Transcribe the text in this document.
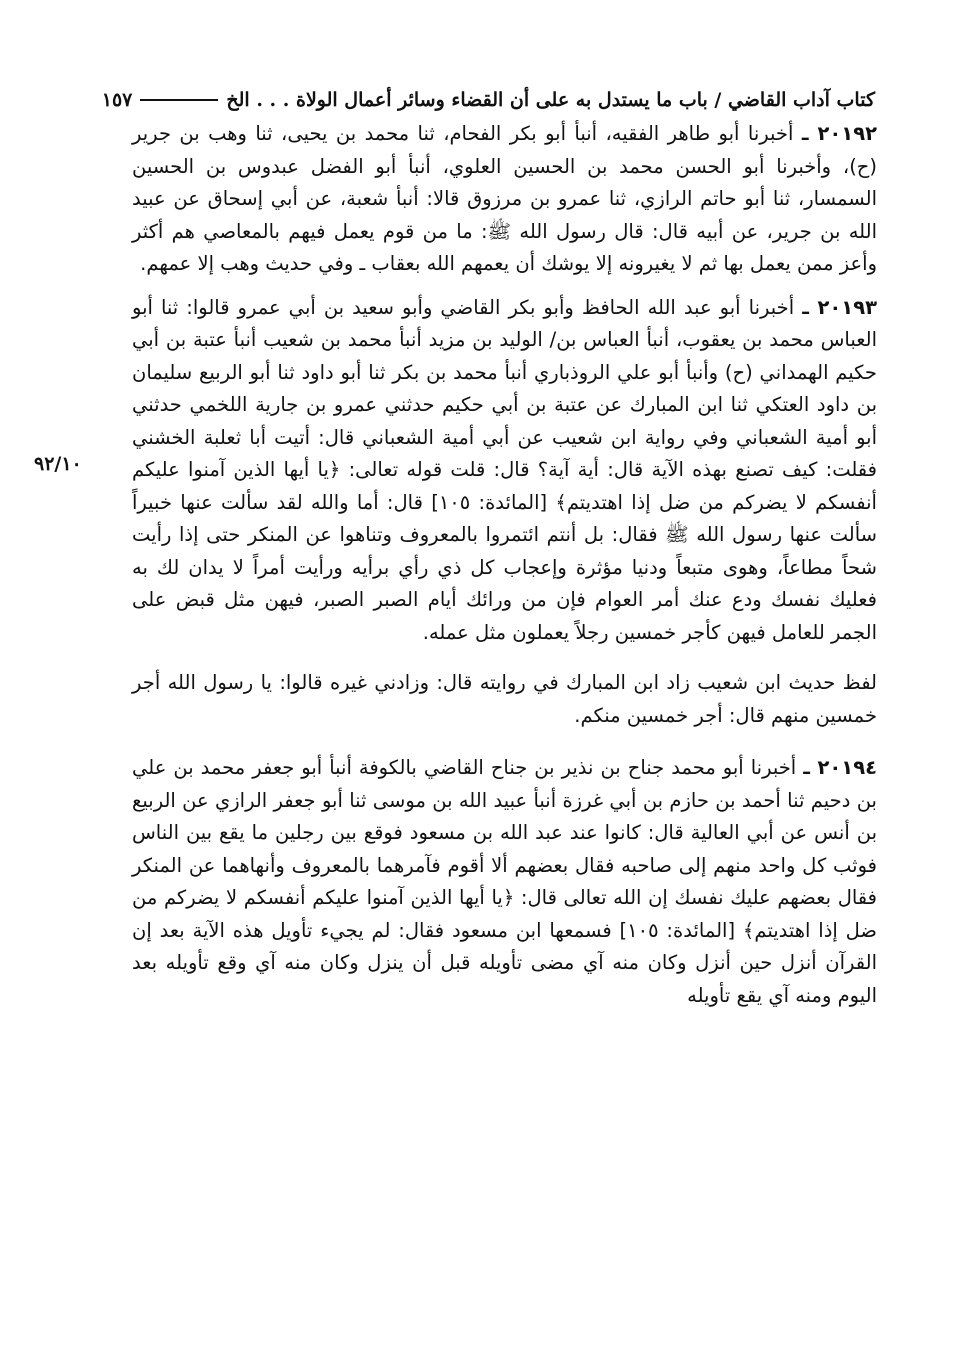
كتاب آداب القاضي / باب ما يستدل به على أن القضاء وسائر أعمال الولاة . . . الخ
١٥٧
٩٢/١٠

٢٠١٩٢ ـ أخبرنا أبو طاهر الفقيه، أنبأ أبو بكر الفحام، ثنا محمد بن يحيى، ثنا وهب بن جرير (ح)، وأخبرنا أبو الحسن محمد بن الحسين العلوي، أنبأ أبو الفضل عبدوس بن الحسين السمسار، ثنا أبو حاتم الرازي، ثنا عمرو بن مرزوق قالا: أنبأ شعبة، عن أبي إسحاق عن عبيد الله بن جرير، عن أبيه قال: قال رسول الله ﷺ: ما من قوم يعمل فيهم بالمعاصي هم أكثر وأعز ممن يعمل بها ثم لا يغيرونه إلا يوشك أن يعمهم الله بعقاب ـ وفي حديث وهب إلا عمهم.

٢٠١٩٣ ـ أخبرنا أبو عبد الله الحافظ وأبو بكر القاضي وأبو سعيد بن أبي عمرو قالوا: ثنا أبو العباس محمد بن يعقوب، أنبأ العباس بن/ الوليد بن مزيد أنبأ محمد بن شعيب أنبأ عتبة بن أبي حكيم الهمداني (ح) وأنبأ أبو علي الروذباري أنبأ محمد بن بكر ثنا أبو داود ثنا أبو الربيع سليمان بن داود العتكي ثنا ابن المبارك عن عتبة بن أبي حكيم حدثني عمرو بن جارية اللخمي حدثني أبو أمية الشعباني وفي رواية ابن شعيب عن أبي أمية الشعباني قال: أتيت أبا ثعلبة الخشني فقلت: كيف تصنع بهذه الآية قال: أية آية؟ قال: قلت قوله تعالى: ﴿يا أيها الذين آمنوا عليكم أنفسكم لا يضركم من ضل إذا اهتديتم﴾ [المائدة: ١٠٥] قال: أما والله لقد سألت عنها خبيراً سألت عنها رسول الله ﷺ فقال: بل أنتم ائتمروا بالمعروف وتناهوا عن المنكر حتى إذا رأيت شحاً مطاعاً، وهوى متبعاً ودنيا مؤثرة وإعجاب كل ذي رأي برأيه ورأيت أمراً لا يدان لك به فعليك نفسك ودع عنك أمر العوام فإن من ورائك أيام الصبر الصبر، فيهن مثل قبض على الجمر للعامل فيهن كأجر خمسين رجلاً يعملون مثل عمله.

لفظ حديث ابن شعيب زاد ابن المبارك في روايته قال: وزادني غيره قالوا: يا رسول الله أجر خمسين منهم قال: أجر خمسين منكم.

٢٠١٩٤ ـ أخبرنا أبو محمد جناح بن نذير بن جناح القاضي بالكوفة أنبأ أبو جعفر محمد بن علي بن دحيم ثنا أحمد بن حازم بن أبي غرزة أنبأ عبيد الله بن موسى ثنا أبو جعفر الرازي عن الربيع بن أنس عن أبي العالية قال: كانوا عند عبد الله بن مسعود فوقع بين رجلين ما يقع بين الناس فوثب كل واحد منهم إلى صاحبه فقال بعضهم ألا أقوم فآمرهما بالمعروف وأنهاهما عن المنكر فقال بعضهم عليك نفسك إن الله تعالى قال: ﴿يا أيها الذين آمنوا عليكم أنفسكم لا يضركم من ضل إذا اهتديتم﴾ [المائدة: ١٠٥] فسمعها ابن مسعود فقال: لم يجيء تأويل هذه الآية بعد إن القرآن أنزل حين أنزل وكان منه آي مضى تأويله قبل أن ينزل وكان منه آي وقع تأويله بعد اليوم ومنه آي يقع تأويله
